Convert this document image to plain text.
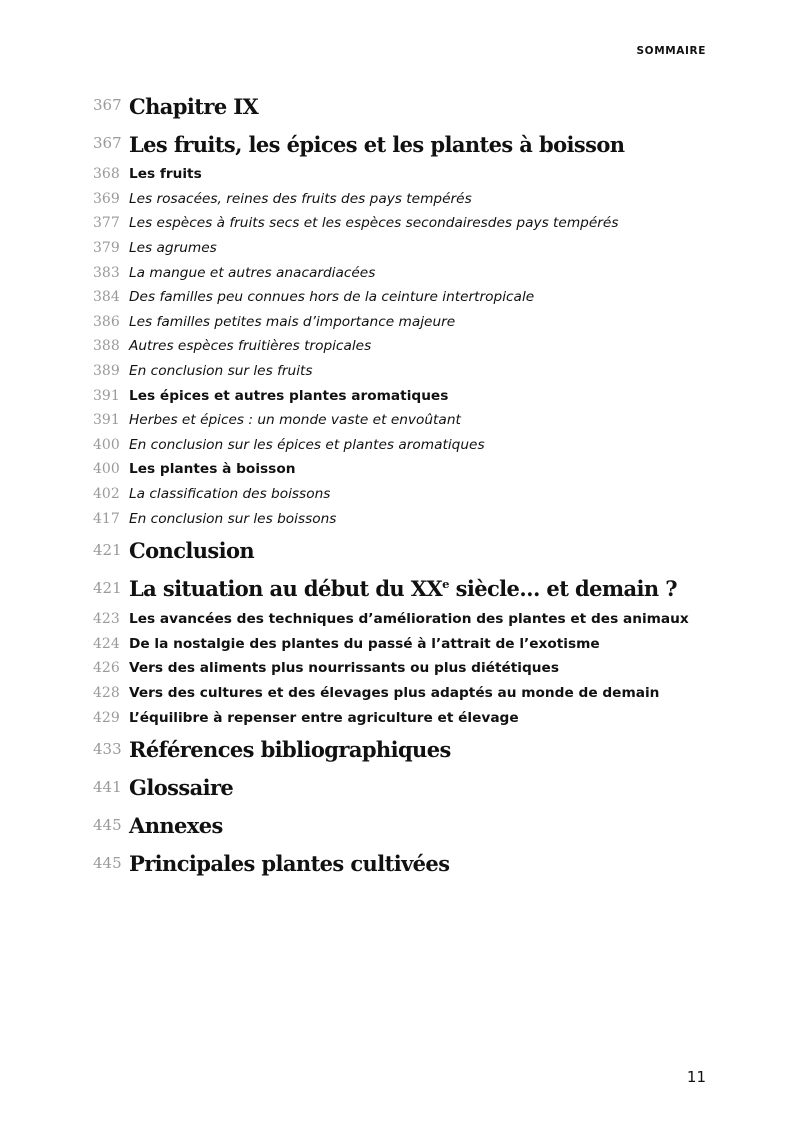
SOMMAIRE
367 Chapitre IX
367 Les fruits, les épices et les plantes à boisson
368 Les fruits
369 Les rosacées, reines des fruits des pays tempérés
377 Les espèces à fruits secs et les espèces secondairesdes pays tempérés
379 Les agrumes
383 La mangue et autres anacardiacées
384 Des familles peu connues hors de la ceinture intertropicale
386 Les familles petites mais d’importance majeure
388 Autres espèces fruitières tropicales
389 En conclusion sur les fruits
391 Les épices et autres plantes aromatiques
391 Herbes et épices : un monde vaste et envoûtant
400 En conclusion sur les épices et plantes aromatiques
400 Les plantes à boisson
402 La classification des boissons
417 En conclusion sur les boissons
421 Conclusion
421 La situation au début du XXe siècle… et demain ?
423 Les avancées des techniques d’amélioration des plantes et des animaux
424 De la nostalgie des plantes du passé à l’attrait de l’exotisme
426 Vers des aliments plus nourrissants ou plus diététiques
428 Vers des cultures et des élevages plus adaptés au monde de demain
429 L’équilibre à repenser entre agriculture et élevage
433 Références bibliographiques
441 Glossaire
445 Annexes
445 Principales plantes cultivées
11
